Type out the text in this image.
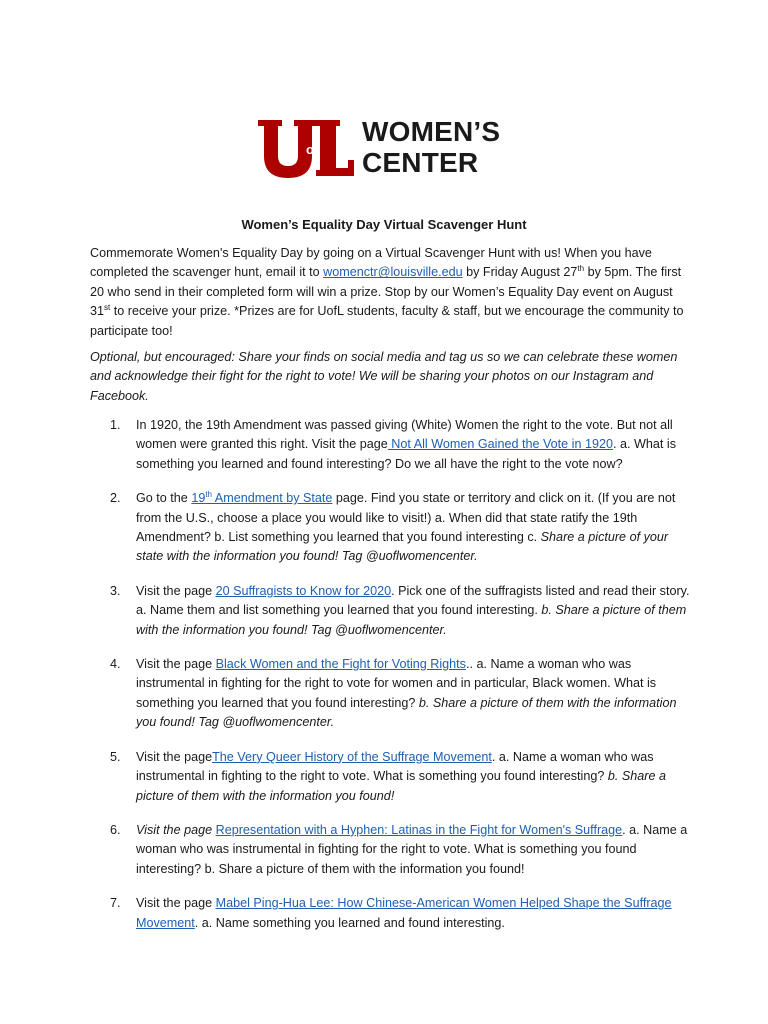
of
WOMEN’S
CENTER
Women’s Equality Day Virtual Scavenger Hunt
Commemorate Women's Equality Day by going on a Virtual Scavenger Hunt with us! When you have completed the scavenger hunt, email it to womenctr@louisville.edu by Friday August 27th by 5pm. The first 20 who send in their completed form will win a prize. Stop by our Women’s Equality Day event on August 31st to receive your prize. *Prizes are for UofL students, faculty & staff, but we encourage the community to participate too!
Optional, but encouraged: Share your finds on social media and tag us so we can celebrate these women and acknowledge their fight for the right to vote! We will be sharing your photos on our Instagram and Facebook.
1. In 1920, the 19th Amendment was passed giving (White) Women the right to the vote. But not all women were granted this right. Visit the page Not All Women Gained the Vote in 1920. a. What is something you learned and found interesting? Do we all have the right to the vote now?
2. Go to the 19th Amendment by State page. Find you state or territory and click on it. (If you are not from the U.S., choose a place you would like to visit!) a. When did that state ratify the 19th Amendment? b. List something you learned that you found interesting c. Share a picture of your state with the information you found! Tag @uoflwomencenter.
3. Visit the page 20 Suffragists to Know for 2020. Pick one of the suffragists listed and read their story. a. Name them and list something you learned that you found interesting. b. Share a picture of them with the information you found! Tag @uoflwomencenter.
4. Visit the page Black Women and the Fight for Voting Rights.. a. Name a woman who was instrumental in fighting for the right to vote for women and in particular, Black women. What is something you learned that you found interesting? b. Share a picture of them with the information you found! Tag @uoflwomencenter.
5. Visit the pageThe Very Queer History of the Suffrage Movement. a. Name a woman who was instrumental in fighting to the right to vote. What is something you found interesting? b. Share a picture of them with the information you found!
6. Visit the page Representation with a Hyphen: Latinas in the Fight for Women's Suffrage. a. Name a woman who was instrumental in fighting for the right to vote. What is something you found interesting? b. Share a picture of them with the information you found!
7. Visit the page Mabel Ping-Hua Lee: How Chinese-American Women Helped Shape the Suffrage Movement. a. Name something you learned and found interesting.
